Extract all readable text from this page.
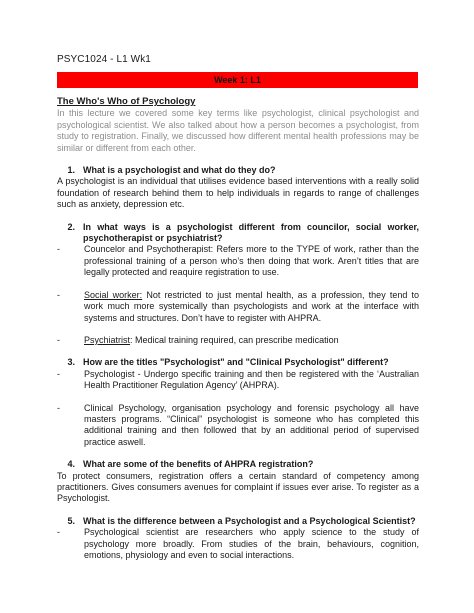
PSYC1024 - L1 Wk1
Week 1: L1
The Who's Who of Psychology

In this lecture we covered some key terms like psychologist, clinical psychologist and psychological scientist. We also talked about how a person becomes a psychologist, from study to registration. Finally, we discussed how different mental health professions may be similar or different from each other.

1. What is a psychologist and what do they do?

A psychologist is an individual that utilises evidence based interventions with a really solid foundation of research behind them to help individuals in regards to range of challenges such as anxiety, depression etc.

2. In what ways is a psychologist different from councilor, social worker, psychotherapist or psychiatrist?
-	Councelor and Psychotherapist: Refers more to the TYPE of work, rather than the professional training of a person who’s then doing that work. Aren’t titles that are legally protected and reaquire registration to use.
-	Social worker: Not restricted to just mental health, as a profession, they tend to work much more systemically than psychologists and work at the interface with systems and structures. Don’t have to register with AHPRA.
-	Psychiatrist: Medical training required, can prescribe medication
3. How are the titles "Psychologist" and "Clinical Psychologist" different?
-	Psychologist - Undergo specific training and then be registered with the ‘Australian Health Practitioner Regulation Agency’ (AHPRA).
-	Clinical Psychology, organisation psychology and forensic psychology all have masters programs. “Clinical” psychologist is someone who has completed this additional training and then followed that by an additional period of supervised practice aswell.
4. What are some of the benefits of AHPRA registration?

To protect consumers, registration offers a certain standard of competency among practitioners. Gives consumers avenues for complaint if issues ever arise. To register as a Psychologist.

5. What is the difference between a Psychologist and a Psychological Scientist?
-	Psychological scientist are researchers who apply science to the study of psychology more broadly. From studies of the brain, behaviours, cognition, emotions, physiology and even to social interactions.
